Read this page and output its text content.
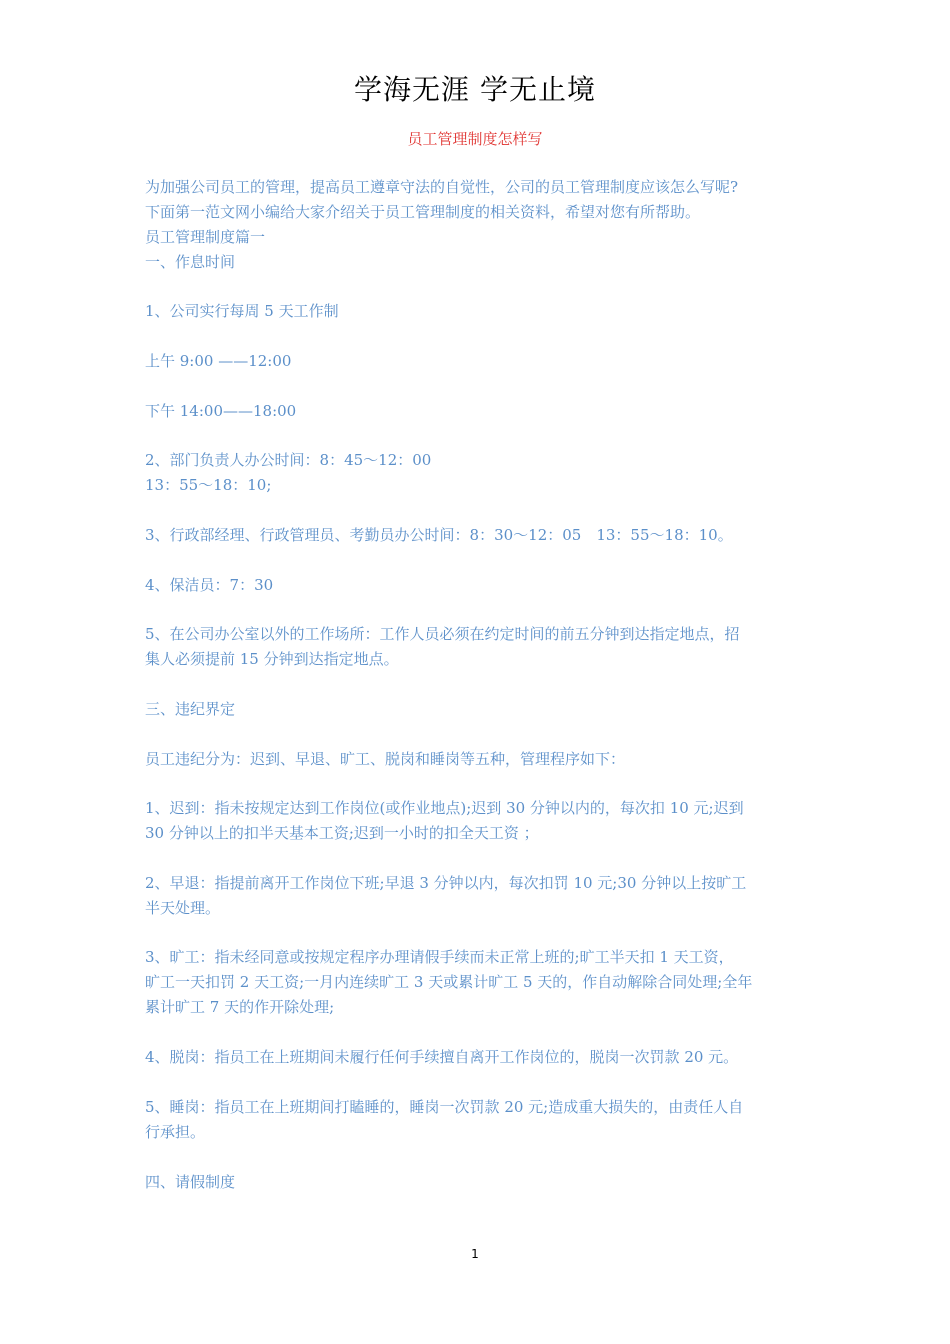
学海无涯 学无止境
员工管理制度怎样写
为加强公司员工的管理，提高员工遵章守法的自觉性，公司的员工管理制度应该怎么写呢?
下面第一范文网小编给大家介绍关于员工管理制度的相关资料，希望对您有所帮助。
员工管理制度篇一
一、作息时间
1、公司实行每周 5 天工作制
上午 9:00 ——12:00
下午 14:00——18:00
2、部门负责人办公时间：8：45～12：00
13：55～18：10;
3、行政部经理、行政管理员、考勤员办公时间：8：30～12：05　13：55～18：10。
4、保洁员：7：30
5、在公司办公室以外的工作场所：工作人员必须在约定时间的前五分钟到达指定地点，招
集人必须提前 15 分钟到达指定地点。
三、违纪界定
员工违纪分为：迟到、早退、旷工、脱岗和睡岗等五种，管理程序如下：
1、迟到：指未按规定达到工作岗位(或作业地点);迟到 30 分钟以内的，每次扣 10 元;迟到
30 分钟以上的扣半天基本工资;迟到一小时的扣全天工资 ；
2、早退：指提前离开工作岗位下班;早退 3 分钟以内，每次扣罚 10 元;30 分钟以上按旷工
半天处理。
3、旷工：指未经同意或按规定程序办理请假手续而未正常上班的;旷工半天扣 1 天工资，
旷工一天扣罚 2 天工资;一月内连续旷工 3 天或累计旷工 5 天的，作自动解除合同处理;全年
累计旷工 7 天的作开除处理;
4、脱岗：指员工在上班期间未履行任何手续擅自离开工作岗位的，脱岗一次罚款 20 元。
5、睡岗：指员工在上班期间打瞌睡的，睡岗一次罚款 20 元;造成重大损失的，由责任人自
行承担。
四、请假制度
1
